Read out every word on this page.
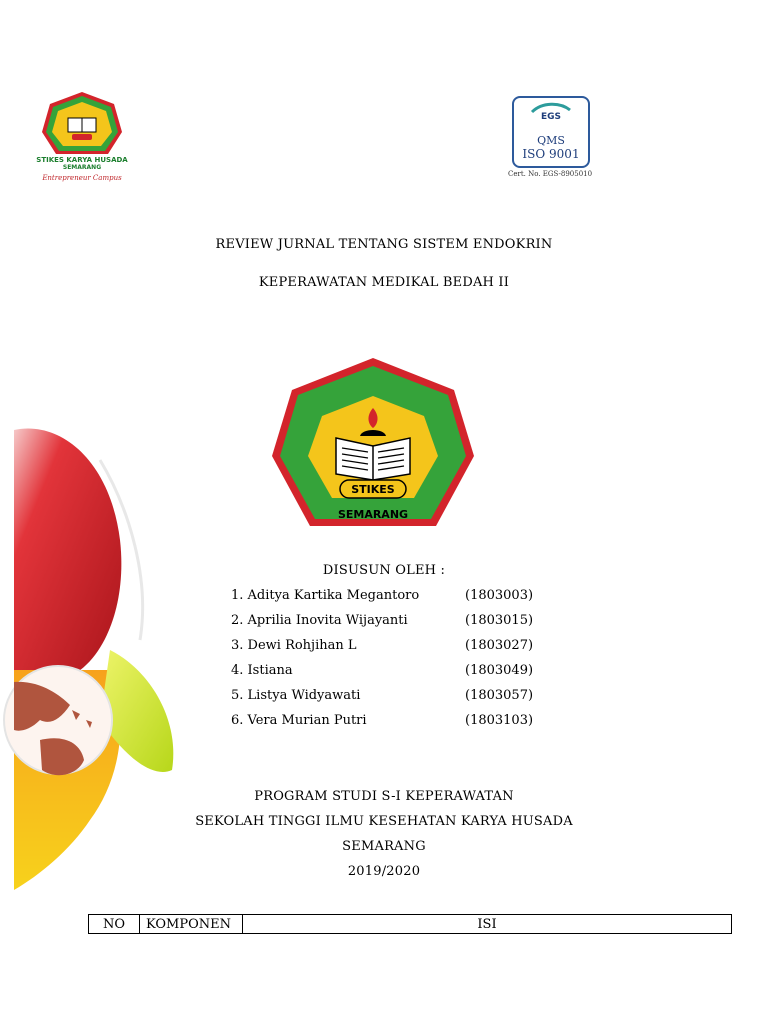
STIKES KARYA HUSADA
SEMARANG
Entrepreneur Campus
EGS
QMS
ISO 9001
Cert. No. EGS-8905010
REVIEW JURNAL TENTANG SISTEM ENDOKRIN
KEPERAWATAN MEDIKAL BEDAH II
STIKES
SEMARANG
DISUSUN OLEH :
1. Aditya Kartika Megantoro	(1803003)
2. Aprilia Inovita Wijayanti	(1803015)
3. Dewi Rohjihan L	(1803027)
4. Istiana	(1803049)
5. Listya Widyawati	(1803057)
6. Vera Murian Putri	(1803103)
PROGRAM STUDI S-I KEPERAWATAN
SEKOLAH TINGGI ILMU KESEHATAN KARYA HUSADA
SEMARANG
2019/2020
NO	KOMPONEN	ISI
